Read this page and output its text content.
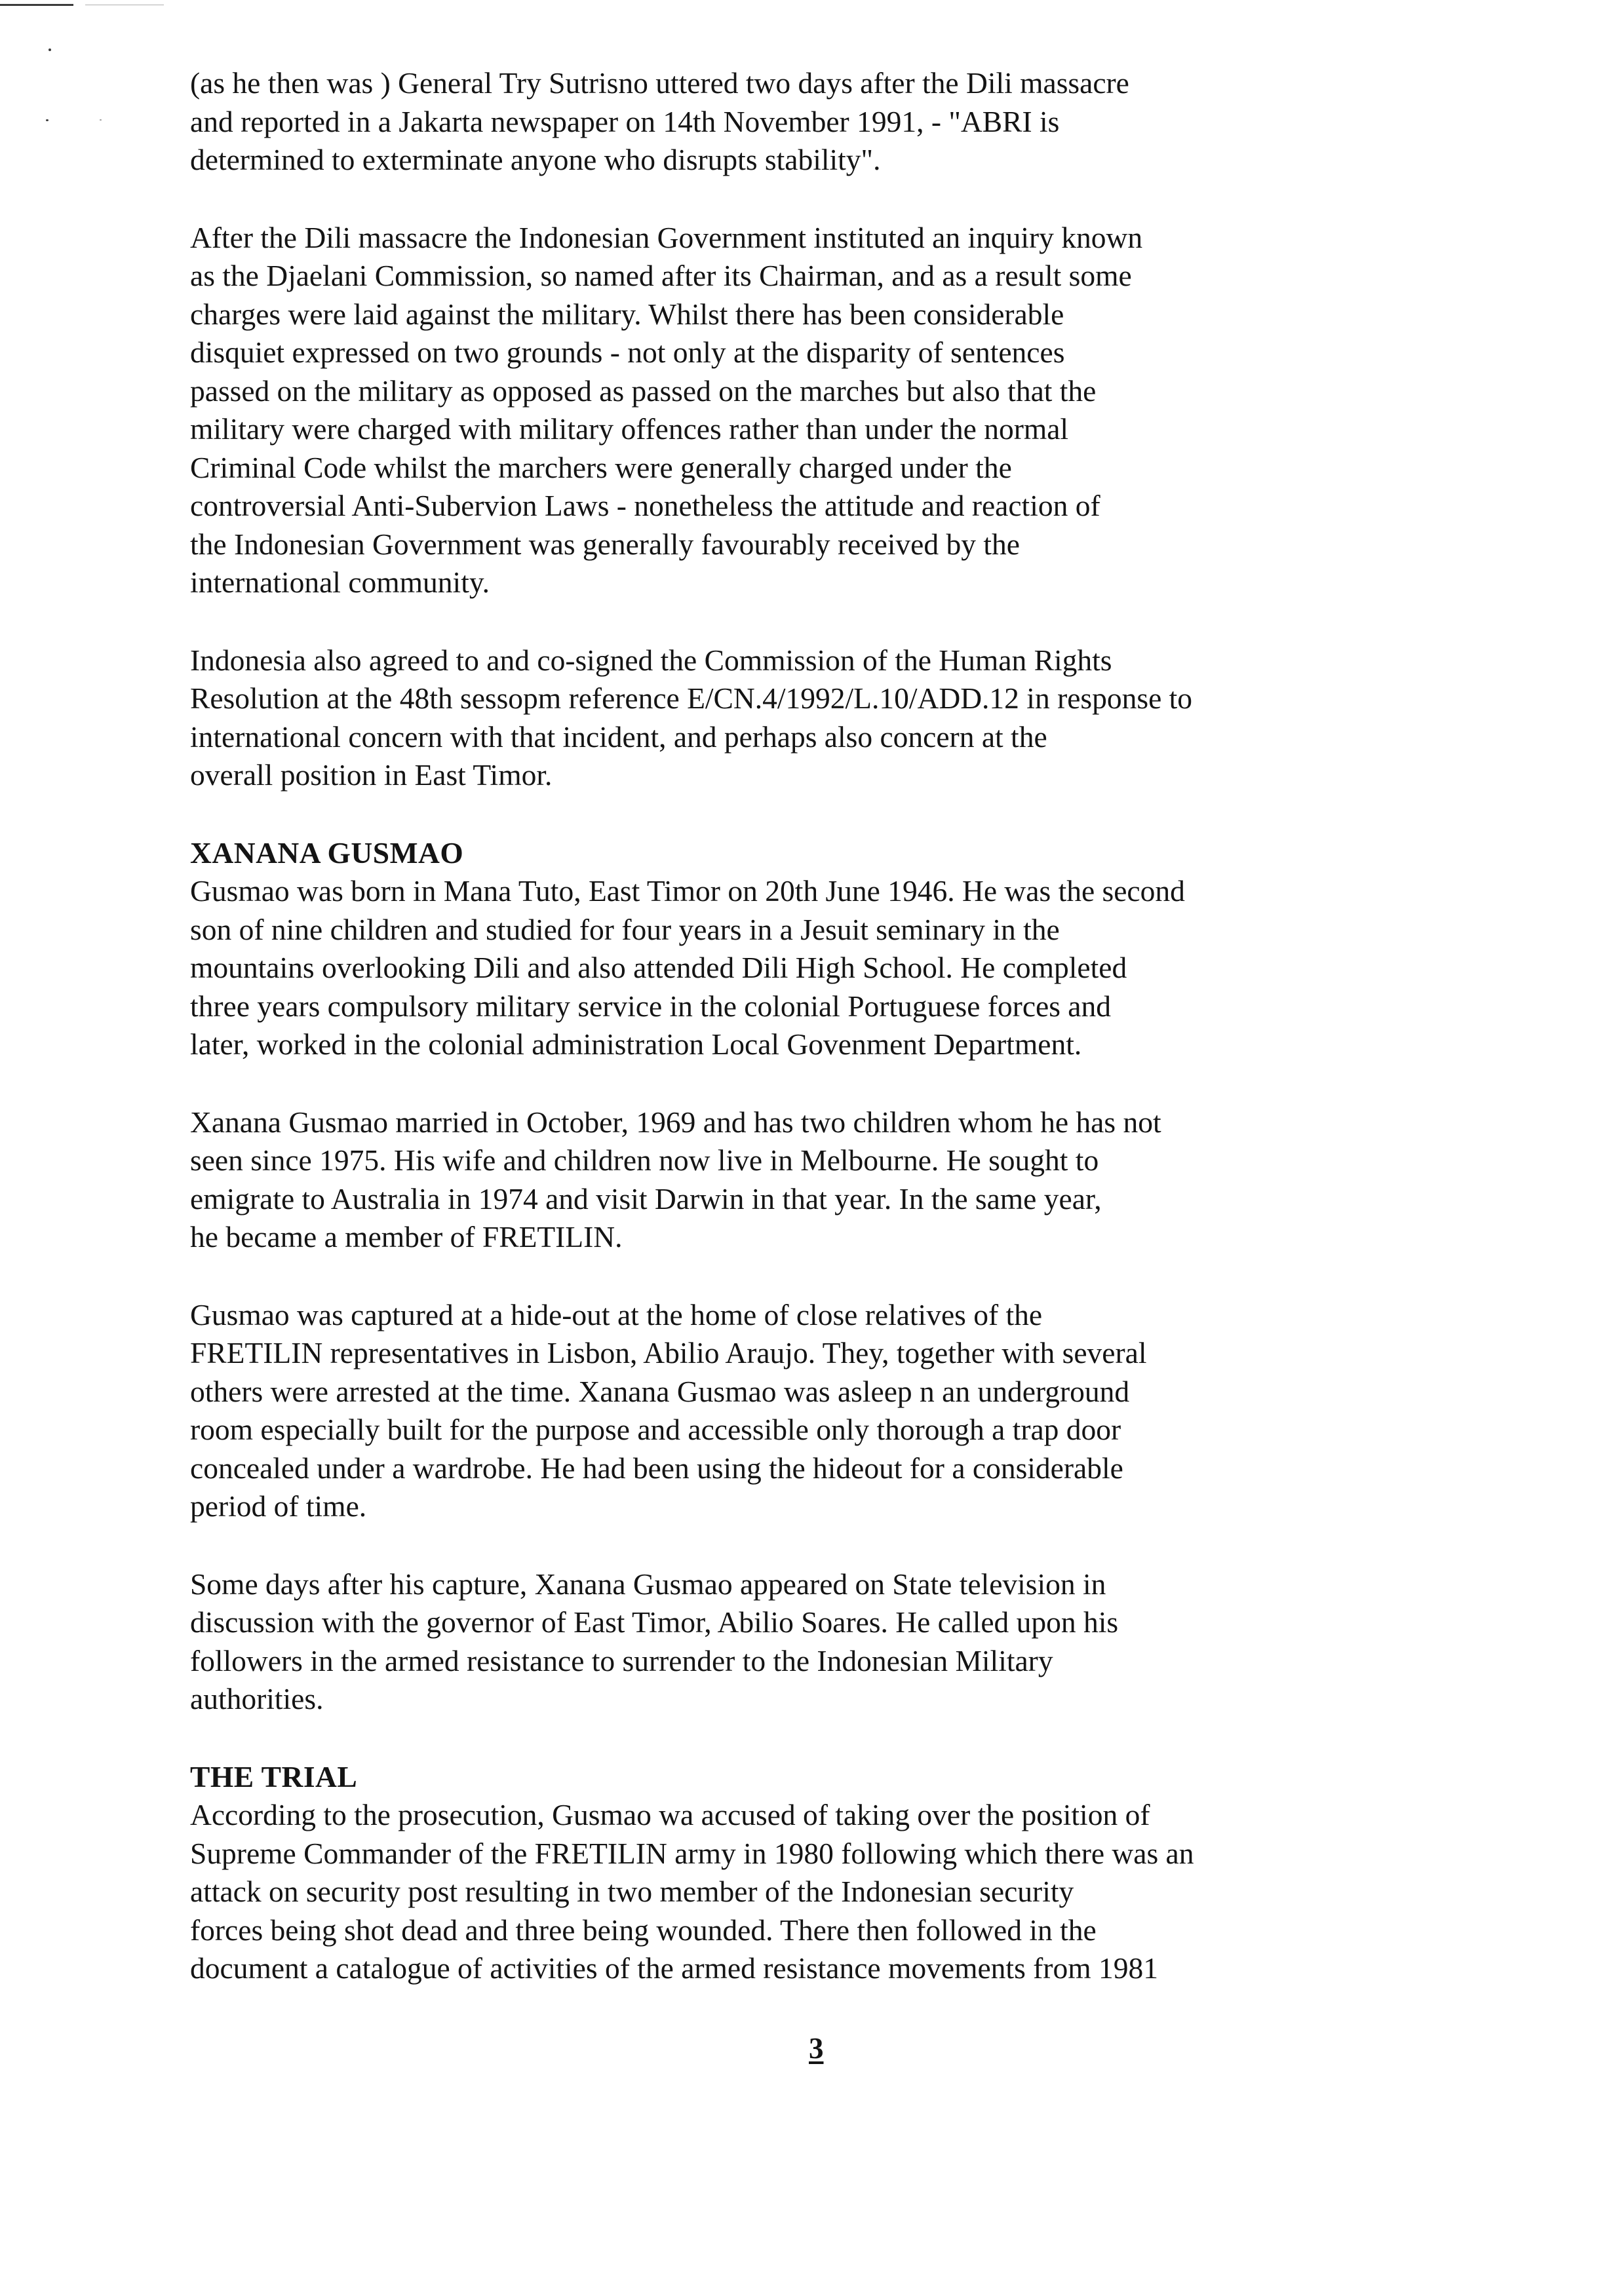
(as he then was ) General Try Sutrisno uttered two days after the Dili massacre
and reported in a Jakarta newspaper on 14th November 1991, - "ABRI is
determined to exterminate anyone who disrupts stability".

After the Dili massacre the Indonesian Government instituted an inquiry known
as the Djaelani Commission, so named after its Chairman, and as a result some
charges were laid against the military. Whilst there has been considerable
disquiet expressed on two grounds - not only at the disparity of sentences
passed on the military as opposed as passed on the marches but also that the
military were charged with military offences rather than under the normal
Criminal Code whilst the marchers were generally charged under the
controversial Anti-Subervion Laws - nonetheless the attitude and reaction of
the Indonesian Government was generally favourably received by the
international community.

Indonesia also agreed to and co-signed the Commission of the Human Rights
Resolution at the 48th sessopm reference E/CN.4/1992/L.10/ADD.12 in response to
international concern with that incident, and perhaps also concern at the
overall position in East Timor.

XANANA GUSMAO

Gusmao was born in Mana Tuto, East Timor on 20th June 1946. He was the second
son of nine children and studied for four years in a Jesuit seminary in the
mountains overlooking Dili and also attended Dili High School. He completed
three years compulsory military service in the colonial Portuguese forces and
later, worked in the colonial administration Local Govenment Department.

Xanana Gusmao married in October, 1969 and has two children whom he has not
seen since 1975. His wife and children now live in Melbourne. He sought to
emigrate to Australia in 1974 and visit Darwin in that year. In the same year,
he became a member of FRETILIN.

Gusmao was captured at a hide-out at the home of close relatives of the
FRETILIN representatives in Lisbon, Abilio Araujo. They, together with several
others were arrested at the time. Xanana Gusmao was asleep n an underground
room especially built for the purpose and accessible only thorough a trap door
concealed under a wardrobe. He had been using the hideout for a considerable
period of time.

Some days after his capture, Xanana Gusmao appeared on State television in
discussion with the governor of East Timor, Abilio Soares. He called upon his
followers in the armed resistance to surrender to the Indonesian Military
authorities.

THE TRIAL

According to the prosecution, Gusmao wa accused of taking over the position of
Supreme Commander of the FRETILIN army in 1980 following which there was an
attack on security post resulting in two member of the Indonesian security
forces being shot dead and three being wounded. There then followed in the
document a catalogue of activities of the armed resistance movements from 1981

3
